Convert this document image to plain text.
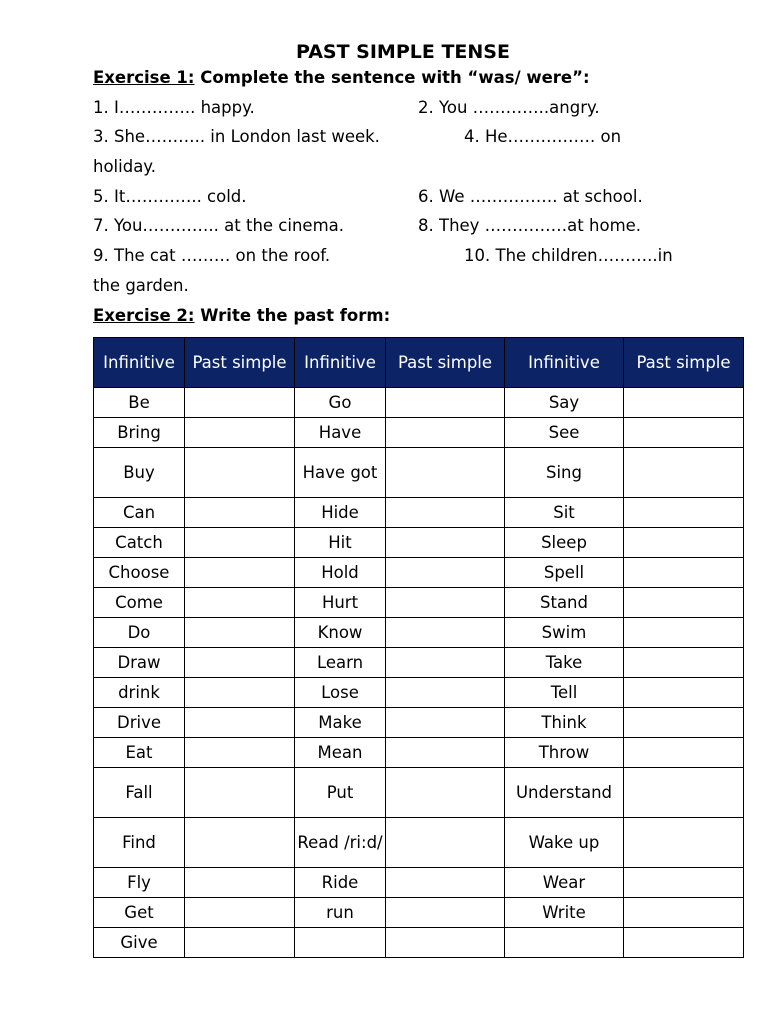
PAST SIMPLE TENSE
Exercise 1: Complete the sentence with “was/ were”:
1. I………….. happy.	2. You …………..angry.
3. She……….. in London last week.	4. He……………. on
holiday.
5. It………….. cold.	6. We ……………. at school.
7. You………….. at the cinema.	8. They ……………at home.
9. The cat ……… on the roof.	10. The children………..in
the garden.
Exercise 2: Write the past form:
Infinitive	Past simple	Infinitive	Past simple	Infinitive	Past simple
Be		Go		Say	
Bring		Have		See	
Buy		Have got		Sing	
Can		Hide		Sit	
Catch		Hit		Sleep	
Choose		Hold		Spell	
Come		Hurt		Stand	
Do		Know		Swim	
Draw		Learn		Take	
drink		Lose		Tell	
Drive		Make		Think	
Eat		Mean		Throw	
Fall		Put		Understand	
Find		Read /ri:d/		Wake up	
Fly		Ride		Wear	
Get		run		Write	
Give					
